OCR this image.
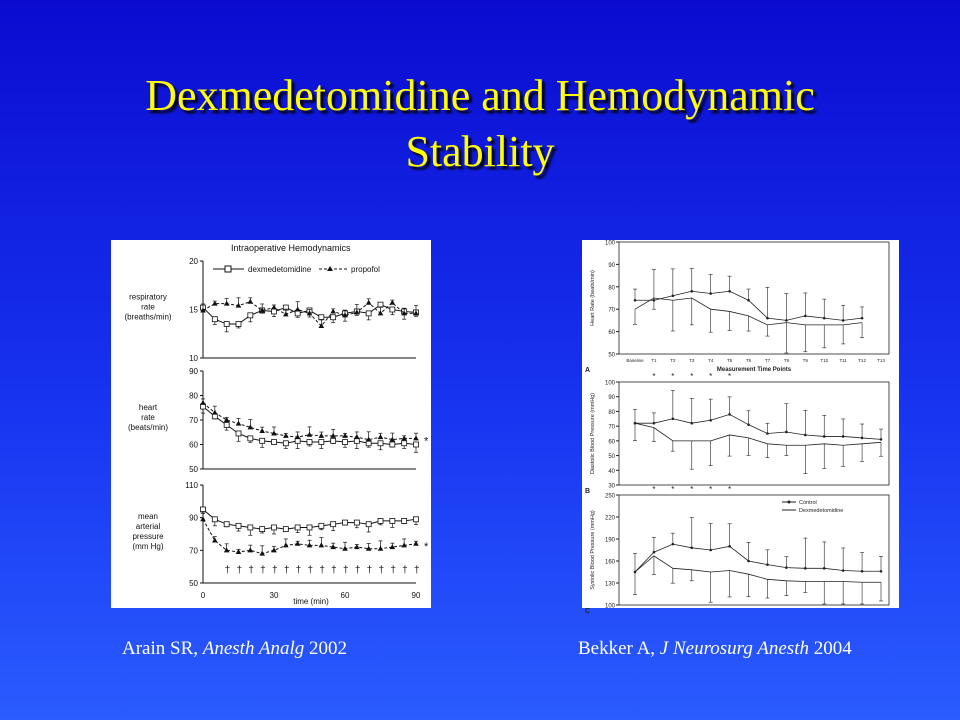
Dexmedetomidine and Hemodynamic
Stability
Intraoperative Hemodynamics
dexmedetomidine	propofol
20
15
10
respiratory
rate
(breaths/min)
90
80
70
60
50
heart
rate
(beats/min)
*
110
90
70
50
mean
arterial
pressure
(mm Hg)	*
† † † † † † † † † † † † † † † † †
0	30	60	90
time (min)
100
90
80
70
60
50
Heart Rate (beats/min)
A
100
90
80
70
60
50
40
30
Diastolic Blood Pressure (mmHg)
B
* * * * *
250
220
190
160
130
100
Systolic Blood Pressure (mmHg)
C
* * * * *
Baseline T1	T2	T3	T4	T5	T6	T7	T8	T9	T10	T11	T12 T13
Measurement Time Points
Control
Dexmedetomidine
Arain SR, Anesth Analg 2002	Bekker A, J Neurosurg Anesth 2004
